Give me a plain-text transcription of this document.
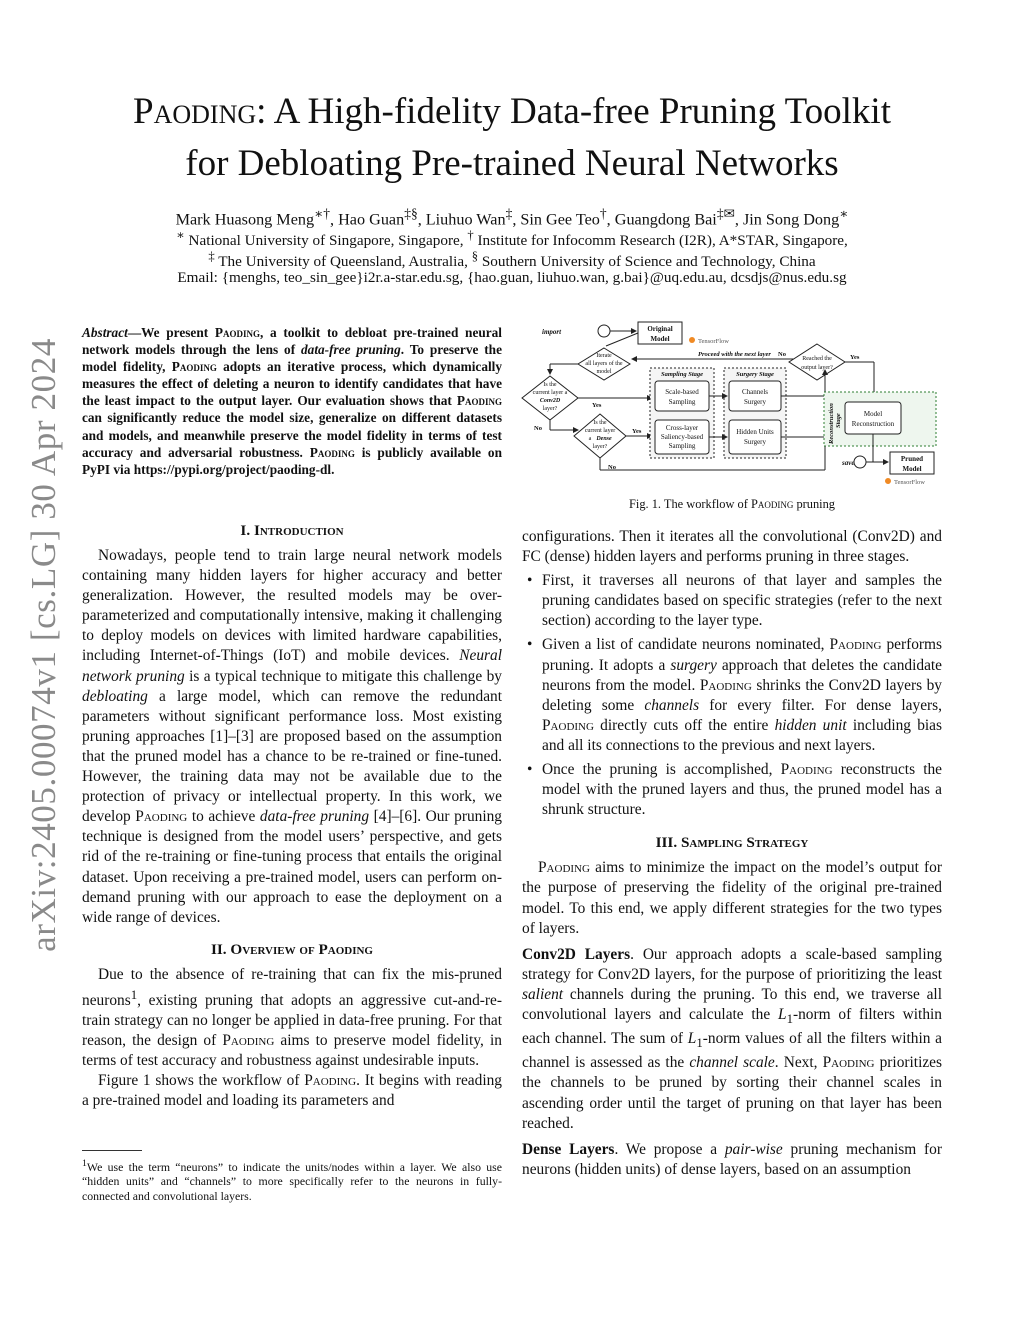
arXiv:2405.00074v1 [cs.LG] 30 Apr 2024
Paoding: A High-fidelity Data-free Pruning Toolkit
for Debloating Pre-trained Neural Networks
Mark Huasong Meng∗†, Hao Guan‡§, Liuhuo Wan‡, Sin Gee Teo†, Guangdong Bai‡✉, Jin Song Dong∗
∗ National University of Singapore, Singapore, † Institute for Infocomm Research (I2R), A*STAR, Singapore,
‡ The University of Queensland, Australia, § Southern University of Science and Technology, China
Email: {menghs, teo_sin_gee}i2r.a-star.edu.sg, {hao.guan, liuhuo.wan, g.bai}@uq.edu.au, dcsdjs@nus.edu.sg
Abstract—We present Paoding, a toolkit to debloat pre-trained neural network models through the lens of data-free pruning. To preserve the model fidelity, Paoding adopts an iterative process, which dynamically measures the effect of deleting a neuron to identify candidates that have the least impact to the output layer. Our evaluation shows that Paoding can significantly reduce the model size, generalize on different datasets and models, and meanwhile preserve the model fidelity in terms of test accuracy and adversarial robustness. Paoding is publicly available on PyPI via https://pypi.org/project/paoding-dl.
I. Introduction

Nowadays, people tend to train large neural network models containing many hidden layers for higher accuracy and better generalization. However, the resulted models may be over-parameterized and computationally intensive, making it challenging to deploy models on devices with limited hardware capabilities, including Internet-of-Things (IoT) and mobile devices. Neural network pruning is a typical technique to mitigate this challenge by debloating a large model, which can remove the redundant parameters without significant performance loss. Most existing pruning approaches [1]–[3] are proposed based on the assumption that the pruned model has a chance to be re-trained or fine-tuned. However, the training data may not be available due to the protection of privacy or intellectual property. In this work, we develop Paoding to achieve data-free pruning [4]–[6]. Our pruning technique is designed from the model users’ perspective, and gets rid of the re-training or fine-tuning process that entails the original dataset. Upon receiving a pre-trained model, users can perform on-demand pruning with our approach to ease the deployment on a wide range of devices.

II. Overview of Paoding

Due to the absence of re-training that can fix the mis-pruned neurons$^1$, existing pruning that adopts an aggressive cut-and-re-train strategy can no longer be applied in data-free pruning. For that reason, the design of Paoding aims to preserve model fidelity, in terms of test accuracy and robustness against undesirable inputs.

Figure 1 shows the workflow of Paoding. It begins with reading a pre-trained model and loading its parameters and

$^1$We use the term “neurons” to indicate the units/nodes within a layer. We also use “hidden units” and “channels” to more specifically refer to the neurons in fully-connected and convolutional layers.
import	Original
Model	TensorFlow
Iterate
all layers of the
model
Proceed with the next layer No
Reached the
output layer?
Yes
Is the
current layer a
Conv2D
layer?	Yes
No
Is the
current layer
a Dense
layer?
Yes
No
Sampling Stage
Scale-based
Sampling
Cross-layer
Saliency-based
Sampling
Surgery Stage
Channels
Surgery
Hidden Units
Surgery	Reconstruction Stage	Model
Reconstruction
save	Pruned
Model
TensorFlow
Fig. 1. The workflow of Paoding pruning

configurations. Then it iterates all the convolutional (Conv2D) and FC (dense) hidden layers and performs pruning in three stages.

• First, it traverses all neurons of that layer and samples the pruning candidates based on specific strategies (refer to the next section) according to the layer type.
• Given a list of candidate neurons nominated, Paoding performs pruning. It adopts a surgery approach that deletes the candidate neurons from the model. Paoding shrinks the Conv2D layers by deleting some channels for every filter. For dense layers, Paoding directly cuts off the entire hidden unit including bias and all its connections to the previous and next layers.
• Once the pruning is accomplished, Paoding reconstructs the model with the pruned layers and thus, the pruned model has a shrunk structure.
III. Sampling Strategy

Paoding aims to minimize the impact on the model’s output for the purpose of preserving the fidelity of the original pre-trained model. To this end, we apply different strategies for the two types of layers.

Conv2D Layers. Our approach adopts a scale-based sampling strategy for Conv2D layers, for the purpose of prioritizing the least salient channels during the pruning. To this end, we traverse all convolutional layers and calculate the $L_1$-norm of filters within each channel. The sum of $L_1$-norm values of all the filters within a channel is assessed as the channel scale. Next, Paoding prioritizes the channels to be pruned by sorting their channel scales in ascending order until the target of pruning on that layer has been reached.

Dense Layers. We propose a pair-wise pruning mechanism for neurons (hidden units) of dense layers, based on an assumption
